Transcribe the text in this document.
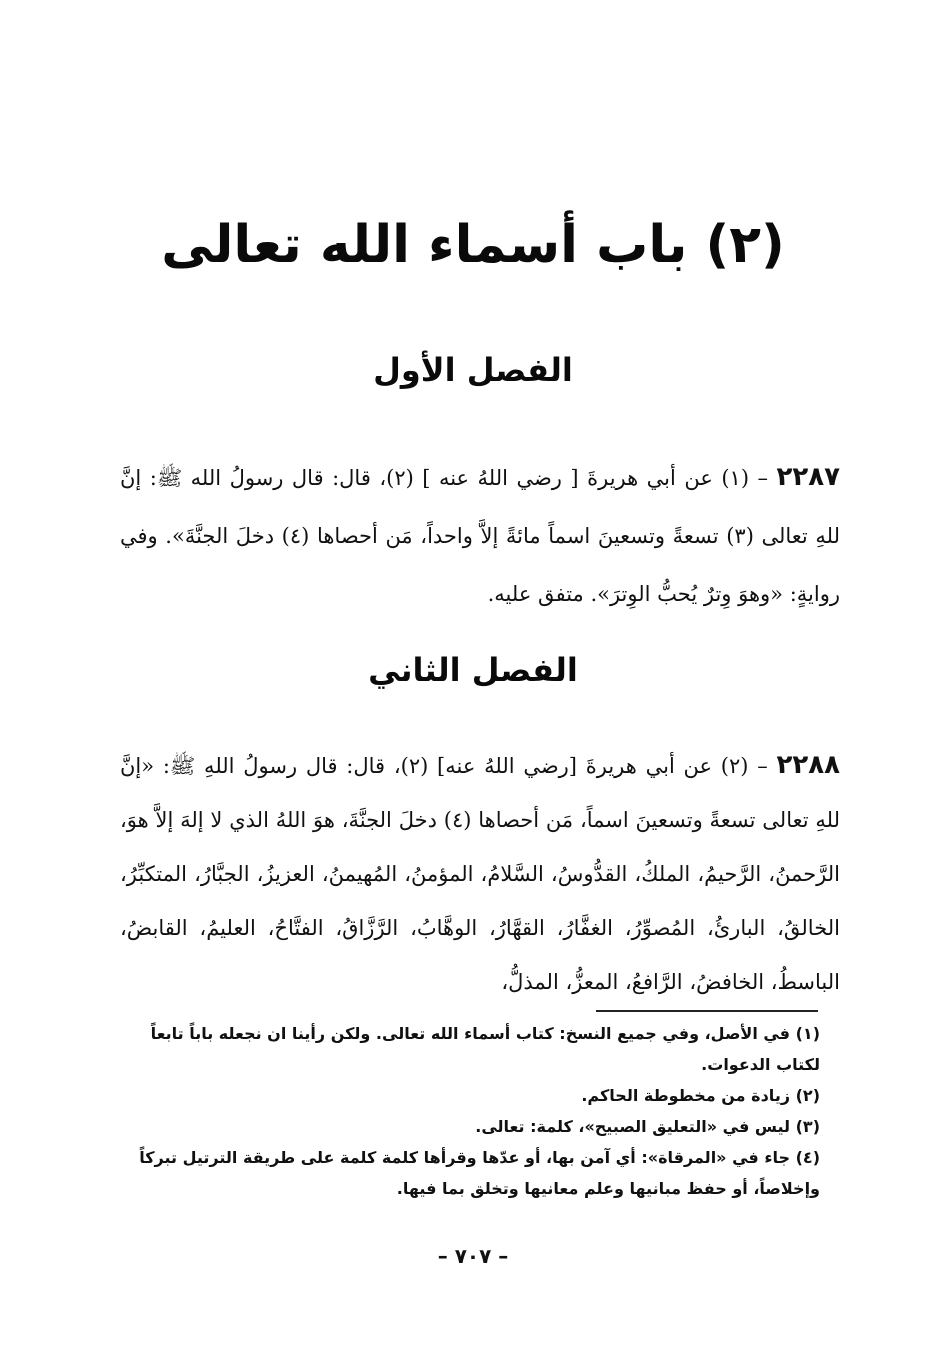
(٢) باب أسماء الله تعالى
الفصل الأول
٢٢٨٧ – (١) عن أبي هريرةَ [ رضي اللهُ عنه ] (٢)، قال: قال رسولُ الله ﷺ: إنَّ للهِ تعالى (٣) تسعةً وتسعينَ اسماً مائةً إلاَّ واحداً، مَن أحصاها (٤) دخلَ الجنَّةَ». وفي روايةٍ: «وهوَ وِترٌ يُحبُّ الوِترَ». متفق عليه.
الفصل الثاني
٢٢٨٨ – (٢) عن أبي هريرةَ [رضي اللهُ عنه] (٢)، قال: قال رسولُ اللهِ ﷺ: «إنَّ للهِ تعالى تسعةً وتسعينَ اسماً، مَن أحصاها (٤) دخلَ الجنَّةَ، هوَ اللهُ الذي لا إلهَ إلاَّ هوَ، الرَّحمنُ، الرَّحيمُ، الملكُ، القدُّوسُ، السَّلامُ، المؤمنُ، المُهيمنُ، العزيزُ، الجبَّارُ، المتكبِّرُ، الخالقُ، البارئُ، المُصوِّرُ، الغفَّارُ، القهَّارُ، الوهَّابُ، الرَّزَّاقُ، الفتَّاحُ، العليمُ، القابضُ، الباسطُ، الخافضُ، الرَّافعُ، المعزُّ، المذلُّ،

(١) في الأصل، وفي جميع النسخ: كتاب أسماء الله تعالى. ولكن رأينا ان نجعله باباً تابعاً لكتاب الدعوات.

(٢) زيادة من مخطوطة الحاكم.

(٣) ليس في «التعليق الصبيح»، كلمة: تعالى.

(٤) جاء في «المرقاة»: أي آمن بها، أو عدّها وقرأها كلمة كلمة على طريقة الترتيل تبركاً وإخلاصاً، أو حفظ مبانيها وعلم معانيها وتخلق بما فيها.

– ٧٠٧ –
